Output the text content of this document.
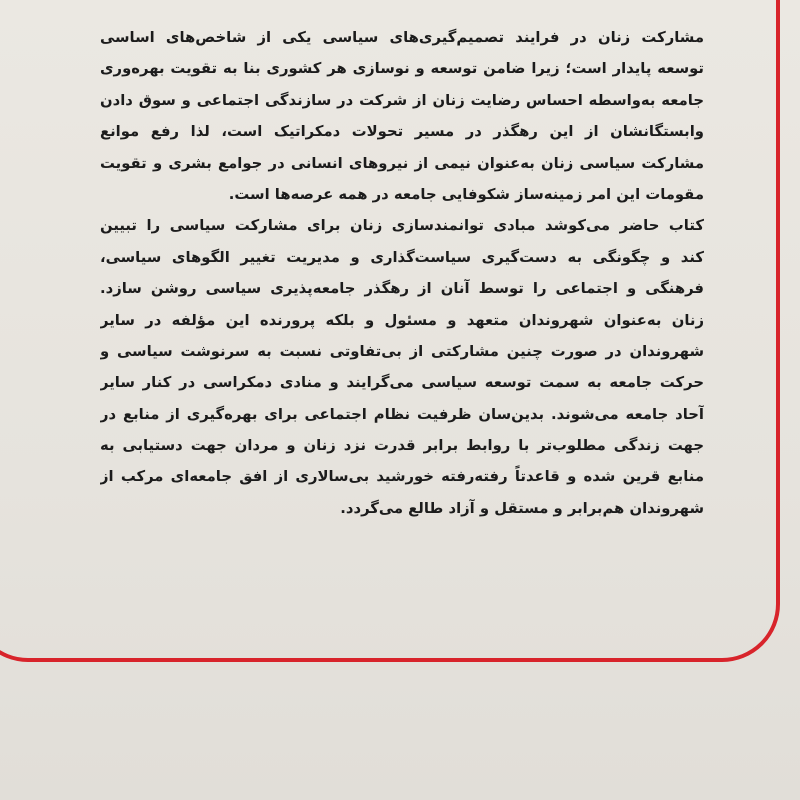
مشارکت زنان در فرایند تصمیم‌گیری‌های سیاسی یکی از شاخص‌های اساسی
توسعه پایدار است؛ زیرا ضامن توسعه و نوسازی هر کشوری بنا به تقویت بهره‌وری
جامعه به‌واسطه احساس رضایت زنان از شرکت در سازندگی اجتماعی و سوق دادن
وابستگانشان از این رهگذر در مسیر تحولات دمکراتیک است، لذا رفع موانع
مشارکت سیاسی زنان به‌عنوان نیمی از نیروهای انسانی در جوامع بشری و تقویت
مقومات این امر زمینه‌ساز شکوفایی جامعه در همه عرصه‌ها است.
کتاب حاضر می‌کوشد مبادی توانمندسازی زنان برای مشارکت سیاسی را تبیین
کند و چگونگی به دست‌گیری سیاست‌گذاری و مدیریت تغییر الگوهای سیاسی،
فرهنگی و اجتماعی را توسط آنان از رهگذر جامعه‌پذیری سیاسی روشن سازد.
زنان به‌عنوان شهروندان متعهد و مسئول و بلکه پرورنده این مؤلفه در سایر
شهروندان در صورت چنین مشارکتی از بی‌تفاوتی نسبت به سرنوشت سیاسی و
حرکت جامعه به سمت توسعه سیاسی می‌گرایند و منادی دمکراسی در کنار سایر
آحاد جامعه می‌شوند. بدین‌سان ظرفیت نظام اجتماعی برای بهره‌گیری از منابع در
جهت زندگی مطلوب‌تر با روابط برابر قدرت نزد زنان و مردان جهت دستیابی به
منابع قرین شده و قاعدتاً رفته‌رفته خورشید بی‌سالاری از افق جامعه‌ای مرکب از
شهروندان هم‌برابر و مستقل و آزاد طالع می‌گردد.
